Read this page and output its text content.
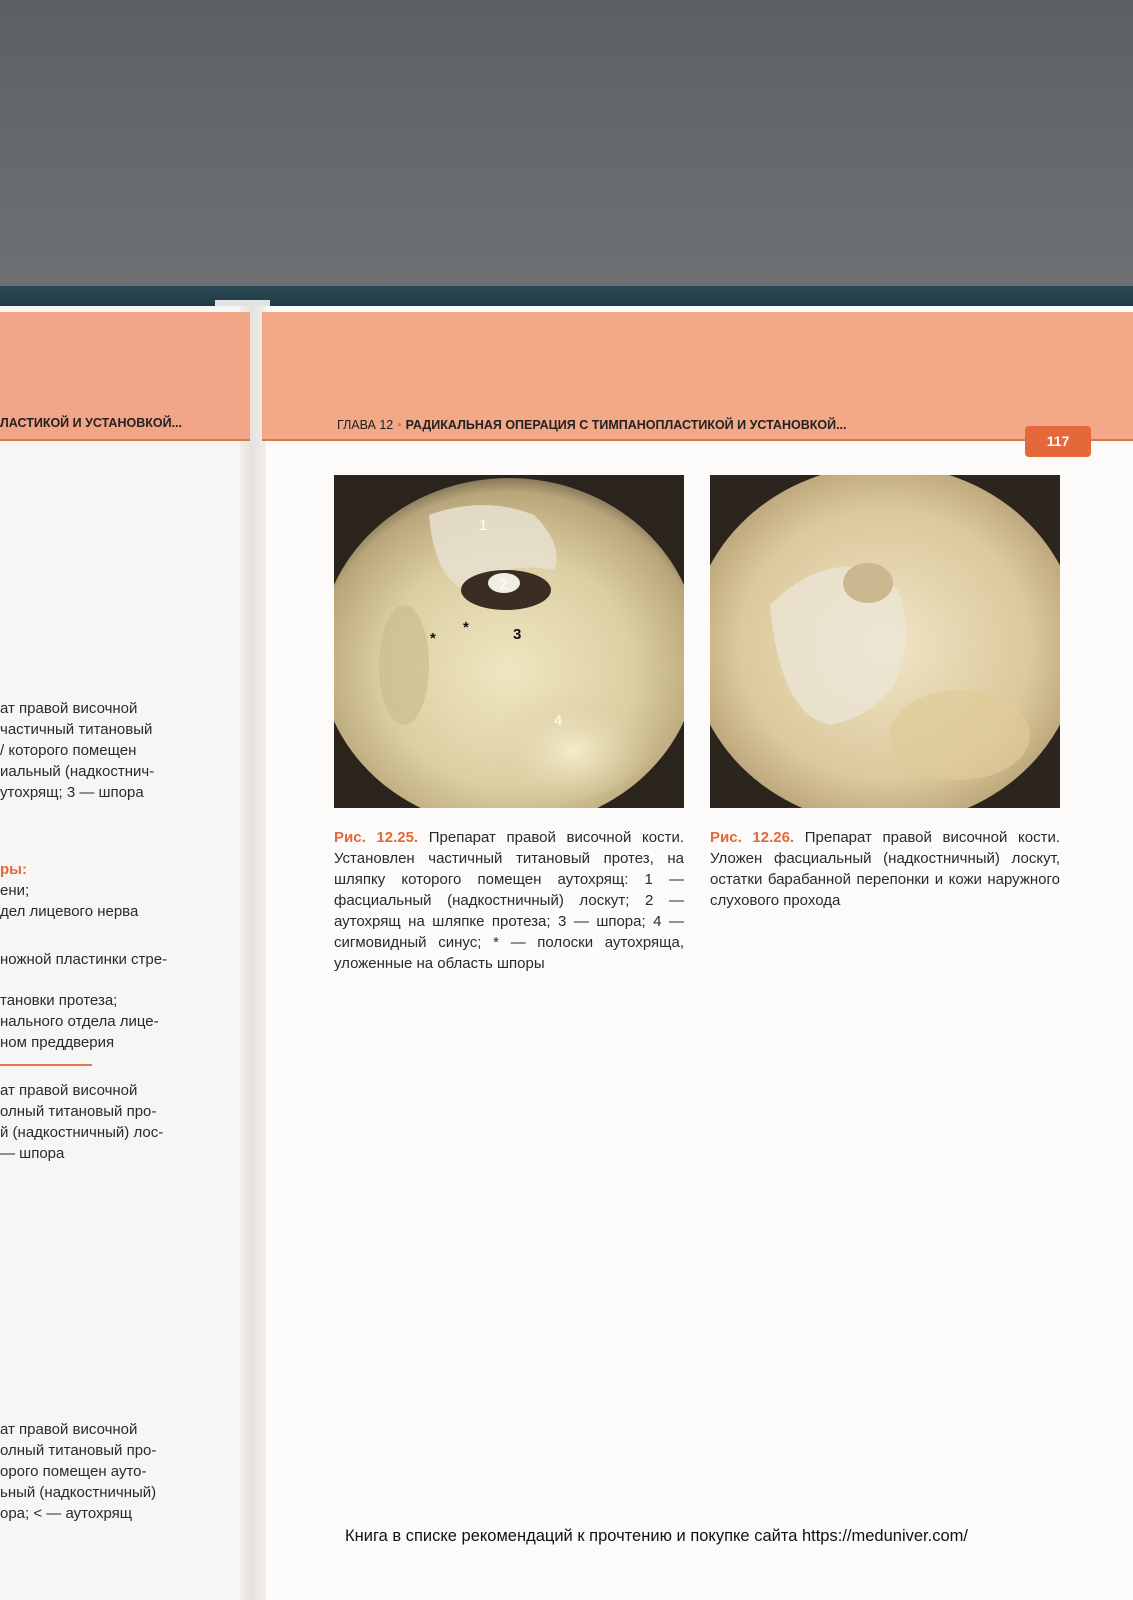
ЛАСТИКОЙ И УСТАНОВКОЙ...	ГЛАВА 12 • РАДИКАЛЬНАЯ ОПЕРАЦИЯ С ТИМПАНОПЛАСТИКОЙ И УСТАНОВКОЙ...
117
1
2
*
*	3
4
Рис. 12.25. Препарат правой височной кости. Установлен частичный титановый протез, на шляпку которого помещен аутохрящ: 1 — фасциальный (надкостничный) лоскут; 2 — аутохрящ на шляпке протеза; 3 — шпора; 4 — сигмовидный синус; * — полоски аутохряща, уложенные на область шпоры
Рис. 12.26. Препарат правой височной кости. Уложен фасциальный (надкостничный) лоскут, остатки барабанной перепонки и кожи наружного слухового прохода
ат правой височной
частичный титановый
/ которого помещен
иальный (надкостнич-
утохрящ; 3 — шпора
ры:
ени;
дел лицевого нерва
ножной пластинки стре-
тановки протеза;
нального отдела лице-
ном преддверия
ат правой височной
олный титановый про-
й (надкостничный) лос-
— шпора
ат правой височной
олный титановый про-
орого помещен ауто-
ьный (надкостничный)
ора; < — аутохрящ
Книга в списке рекомендаций к прочтению и покупке сайта https://meduniver.com/
